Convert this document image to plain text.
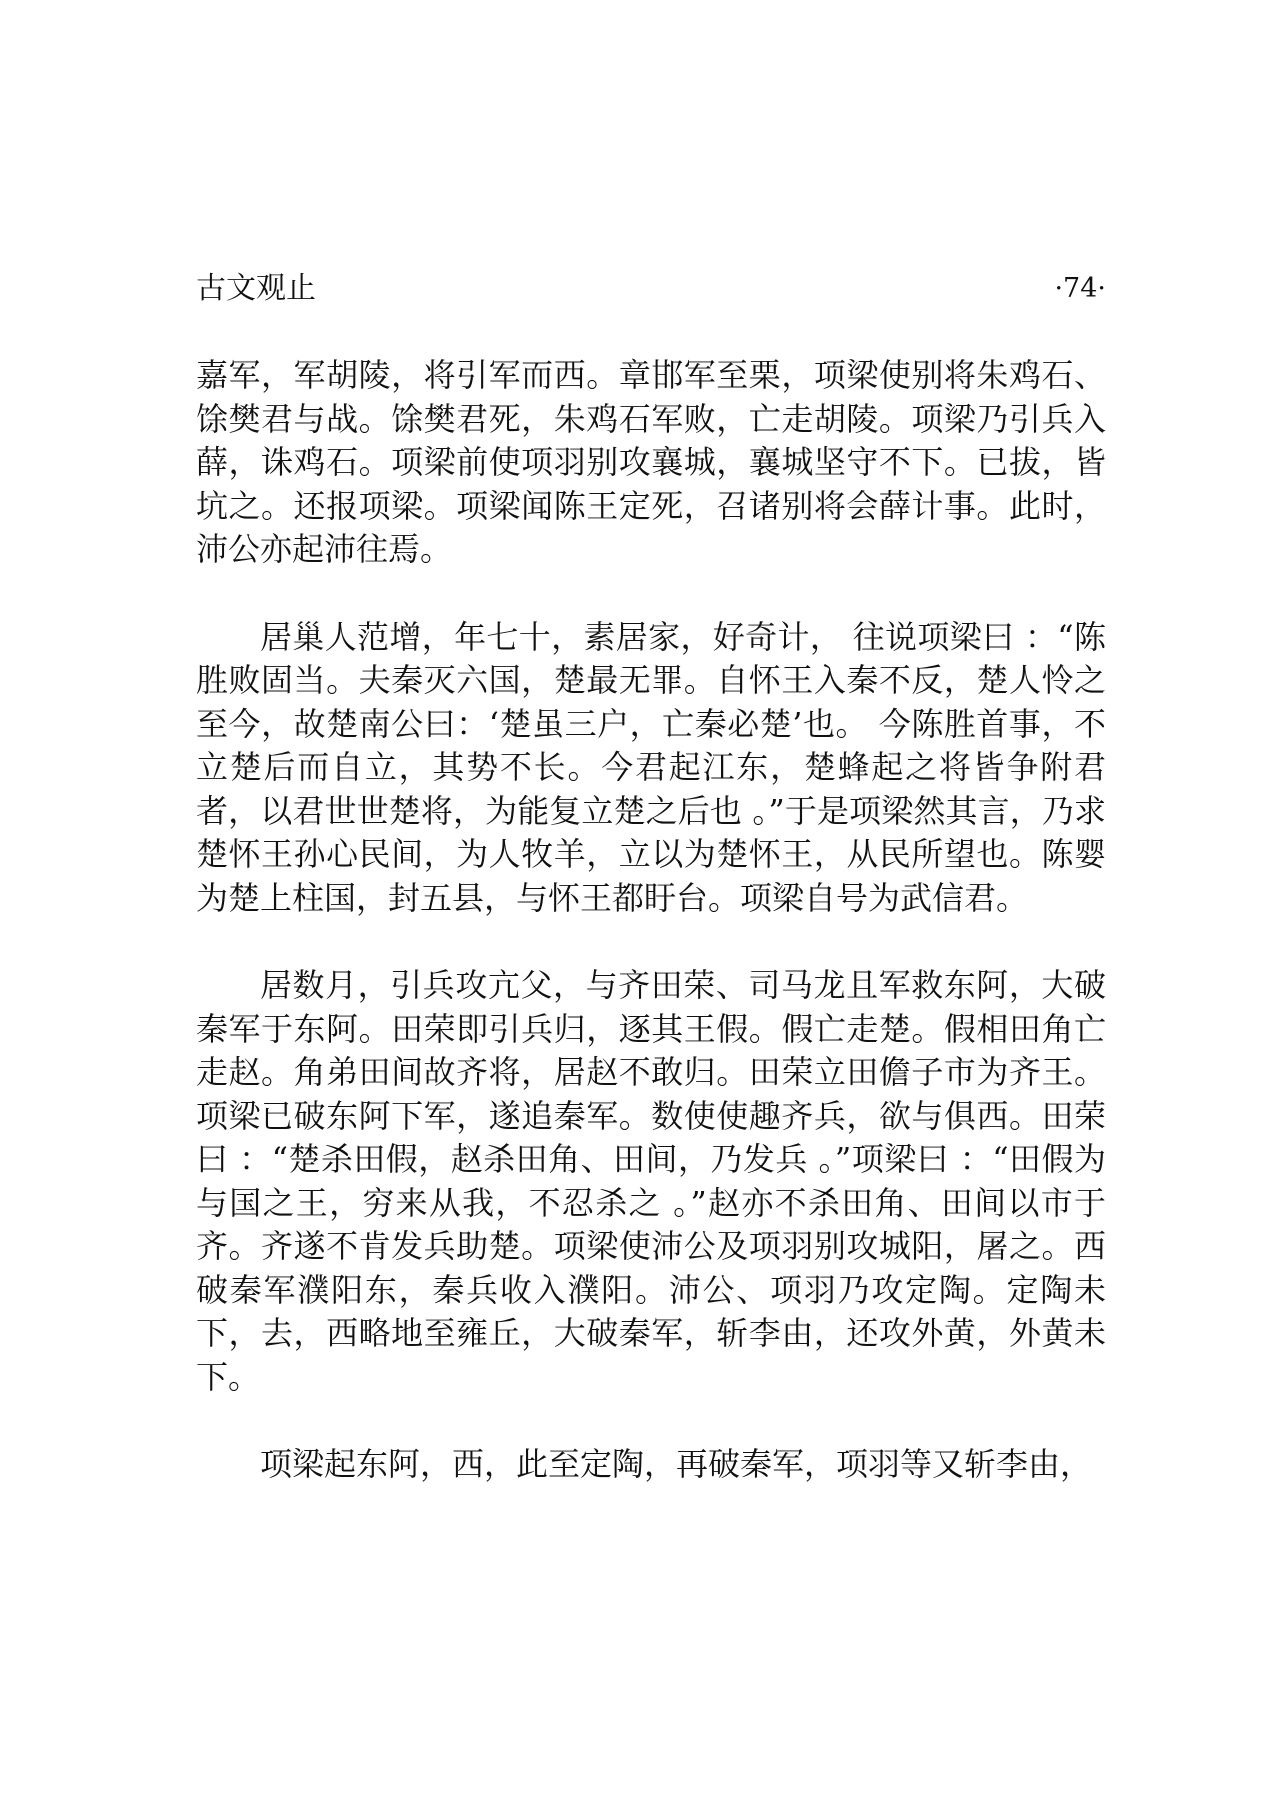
古文观止	·74·

嘉军，军胡陵，将引军而西。章邯军至栗，项梁使别将朱鸡石、馀樊君与战。馀樊君死，朱鸡石军败，亡走胡陵。项梁乃引兵入薛，诛鸡石。项梁前使项羽别攻襄城，襄城坚守不下。已拔，皆坑之。还报项梁。项梁闻陈王定死，召诸别将会薛计事。此时，沛公亦起沛往焉。

居巢人范增，年七十，素居家，好奇计， 往说项梁曰 ：“陈胜败固当。夫秦灭六国，楚最无罪。自怀王入秦不反，楚人怜之至今，故楚南公曰：‘楚虽三户，亡秦必楚’也。 今陈胜首事，不立楚后而自立，其势不长。今君起江东，楚蜂起之将皆争附君者，以君世世楚将，为能复立楚之后也 。”于是项梁然其言，乃求楚怀王孙心民间，为人牧羊，立以为楚怀王，从民所望也。陈婴为楚上柱国，封五县，与怀王都盱台。项梁自号为武信君。

居数月，引兵攻亢父，与齐田荣、司马龙且军救东阿，大破秦军于东阿。田荣即引兵归，逐其王假。假亡走楚。假相田角亡走赵。角弟田间故齐将，居赵不敢归。田荣立田儋子市为齐王。项梁已破东阿下军，遂追秦军。数使使趣齐兵，欲与俱西。田荣曰 ：“楚杀田假，赵杀田角、田间，乃发兵 。”项梁曰 ：“田假为与国之王，穷来从我，不忍杀之 。”赵亦不杀田角、田间以市于齐。齐遂不肯发兵助楚。项梁使沛公及项羽别攻城阳，屠之。西破秦军濮阳东，秦兵收入濮阳。沛公、项羽乃攻定陶。定陶未下，去，西略地至雍丘，大破秦军，斩李由，还攻外黄，外黄未下。

项梁起东阿，西，此至定陶，再破秦军，项羽等又斩李由，
